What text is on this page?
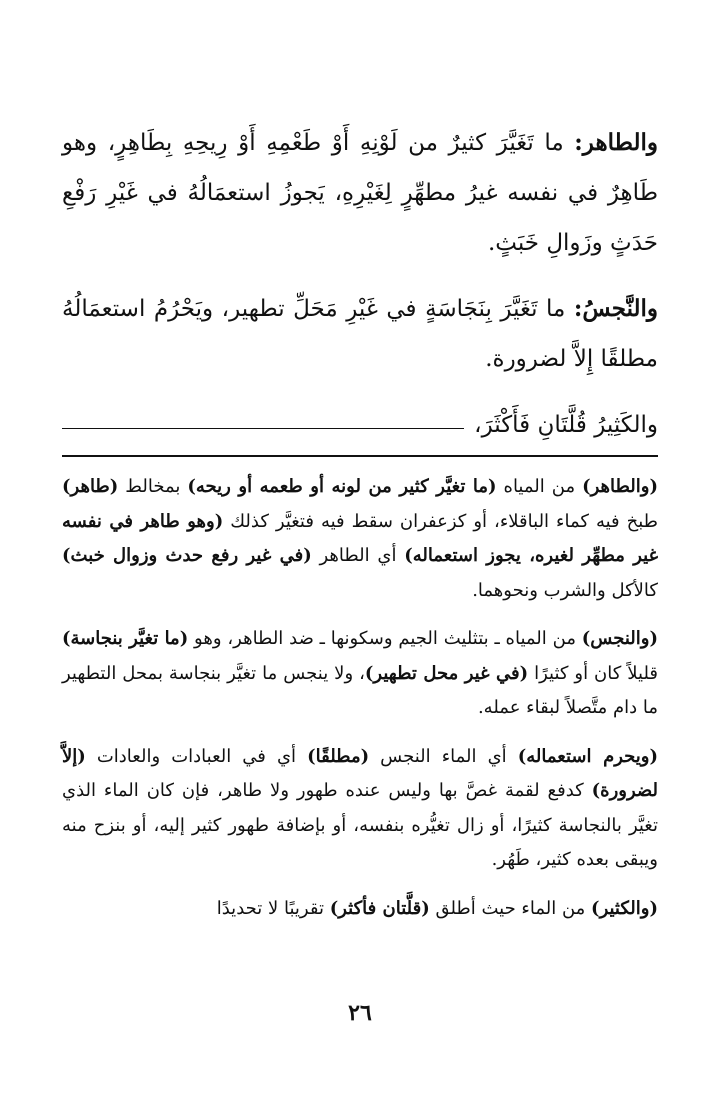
والطاهر: ما تَغَيَّرَ كثيرٌ من لَوْنِهِ أَوْ طَعْمِهِ أَوْ رِيحِهِ بِطَاهِرٍ، وهو طَاهِرٌ في نفسه غيرُ مطهِّرٍ لِغَيْرِهِ، يَجوزُ استعمَالُهُ في غَيْرِ رَفْعِ حَدَثٍ وزَوالِ خَبَثٍ.

والنَّجسُ: ما تَغَيَّرَ بِنَجَاسَةٍ في غَيْرِ مَحَلِّ تطهير، ويَحْرُمُ استعمَالُهُ مطلقًا إِلاَّ لضرورة.

والكَثِيرُ قُلَّتَانِ فَأَكْثَرَ،

(والطاهر) من المياه (ما تغيَّر كثير من لونه أو طعمه أو ريحه) بمخالط (طاهر) طبخ فيه كماء الباقلاء، أو كزعفران سقط فيه فتغيَّر كذلك (وهو طاهر في نفسه غير مطهِّر لغيره، يجوز استعماله) أي الطاهر (في غير رفع حدث وزوال خبث) كالأكل والشرب ونحوهما.

(والنجس) من المياه ـ بتثليث الجيم وسكونها ـ ضد الطاهر، وهو (ما تغيَّر بنجاسة) قليلاً كان أو كثيرًا (في غير محل تطهير)، ولا ينجس ما تغيَّر بنجاسة بمحل التطهير ما دام متَّصلاً لبقاء عمله.

(ويحرم استعماله) أي الماء النجس (مطلقًا) أي في العبادات والعادات (إلاَّ لضرورة) كدفع لقمة غصَّ بها وليس عنده طهور ولا طاهر، فإن كان الماء الذي تغيَّر بالنجاسة كثيرًا، أو زال تغيُّره بنفسه، أو بإضافة طهور كثير إليه، أو بنزح منه ويبقى بعده كثير، طَهُر.

(والكثير) من الماء حيث أطلق (قلَّتان فأكثر) تقريبًا لا تحديدًا

٢٦
